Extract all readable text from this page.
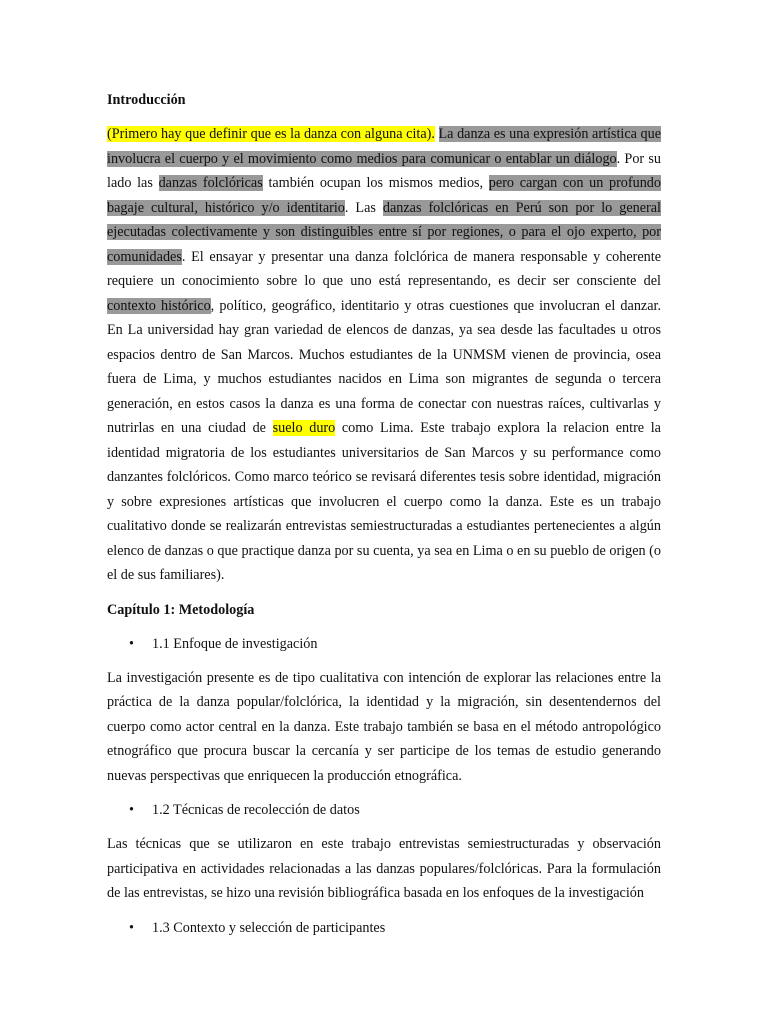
Introducción

(Primero hay que definir que es la danza con alguna cita). La danza es una expresión artística que involucra el cuerpo y el movimiento como medios para comunicar o entablar un diálogo. Por su lado las danzas folclóricas también ocupan los mismos medios, pero cargan con un profundo bagaje cultural, histórico y/o identitario. Las danzas folclóricas en Perú son por lo general ejecutadas colectivamente y son distinguibles entre sí por regiones, o para el ojo experto, por comunidades. El ensayar y presentar una danza folclórica de manera responsable y coherente requiere un conocimiento sobre lo que uno está representando, es decir ser consciente del contexto histórico, político, geográfico, identitario y otras cuestiones que involucran el danzar. En La universidad hay gran variedad de elencos de danzas, ya sea desde las facultades u otros espacios dentro de San Marcos. Muchos estudiantes de la UNMSM vienen de provincia, osea fuera de Lima, y muchos estudiantes nacidos en Lima son migrantes de segunda o tercera generación, en estos casos la danza es una forma de conectar con nuestras raíces, cultivarlas y nutrirlas en una ciudad de suelo duro como Lima. Este trabajo explora la relacion entre la identidad migratoria de los estudiantes universitarios de San Marcos y su performance como danzantes folclóricos. Como marco teórico se revisará diferentes tesis sobre identidad, migración y sobre expresiones artísticas que involucren el cuerpo como la danza. Este es un trabajo cualitativo donde se realizarán entrevistas semiestructuradas a estudiantes pertenecientes a algún elenco de danzas o que practique danza por su cuenta, ya sea en Lima o en su pueblo de origen (o el de sus familiares).

Capítulo 1: Metodología

• 1.1 Enfoque de investigación

La investigación presente es de tipo cualitativa con intención de explorar las relaciones entre la práctica de la danza popular/folclórica, la identidad y la migración, sin desentendernos del cuerpo como actor central en la danza. Este trabajo también se basa en el método antropológico etnográfico que procura buscar la cercanía y ser participe de los temas de estudio generando nuevas perspectivas que enriquecen la producción etnográfica.

• 1.2 Técnicas de recolección de datos

Las técnicas que se utilizaron en este trabajo entrevistas semiestructuradas y observación participativa en actividades relacionadas a las danzas populares/folclóricas. Para la formulación de las entrevistas, se hizo una revisión bibliográfica basada en los enfoques de la investigación

• 1.3 Contexto y selección de participantes
